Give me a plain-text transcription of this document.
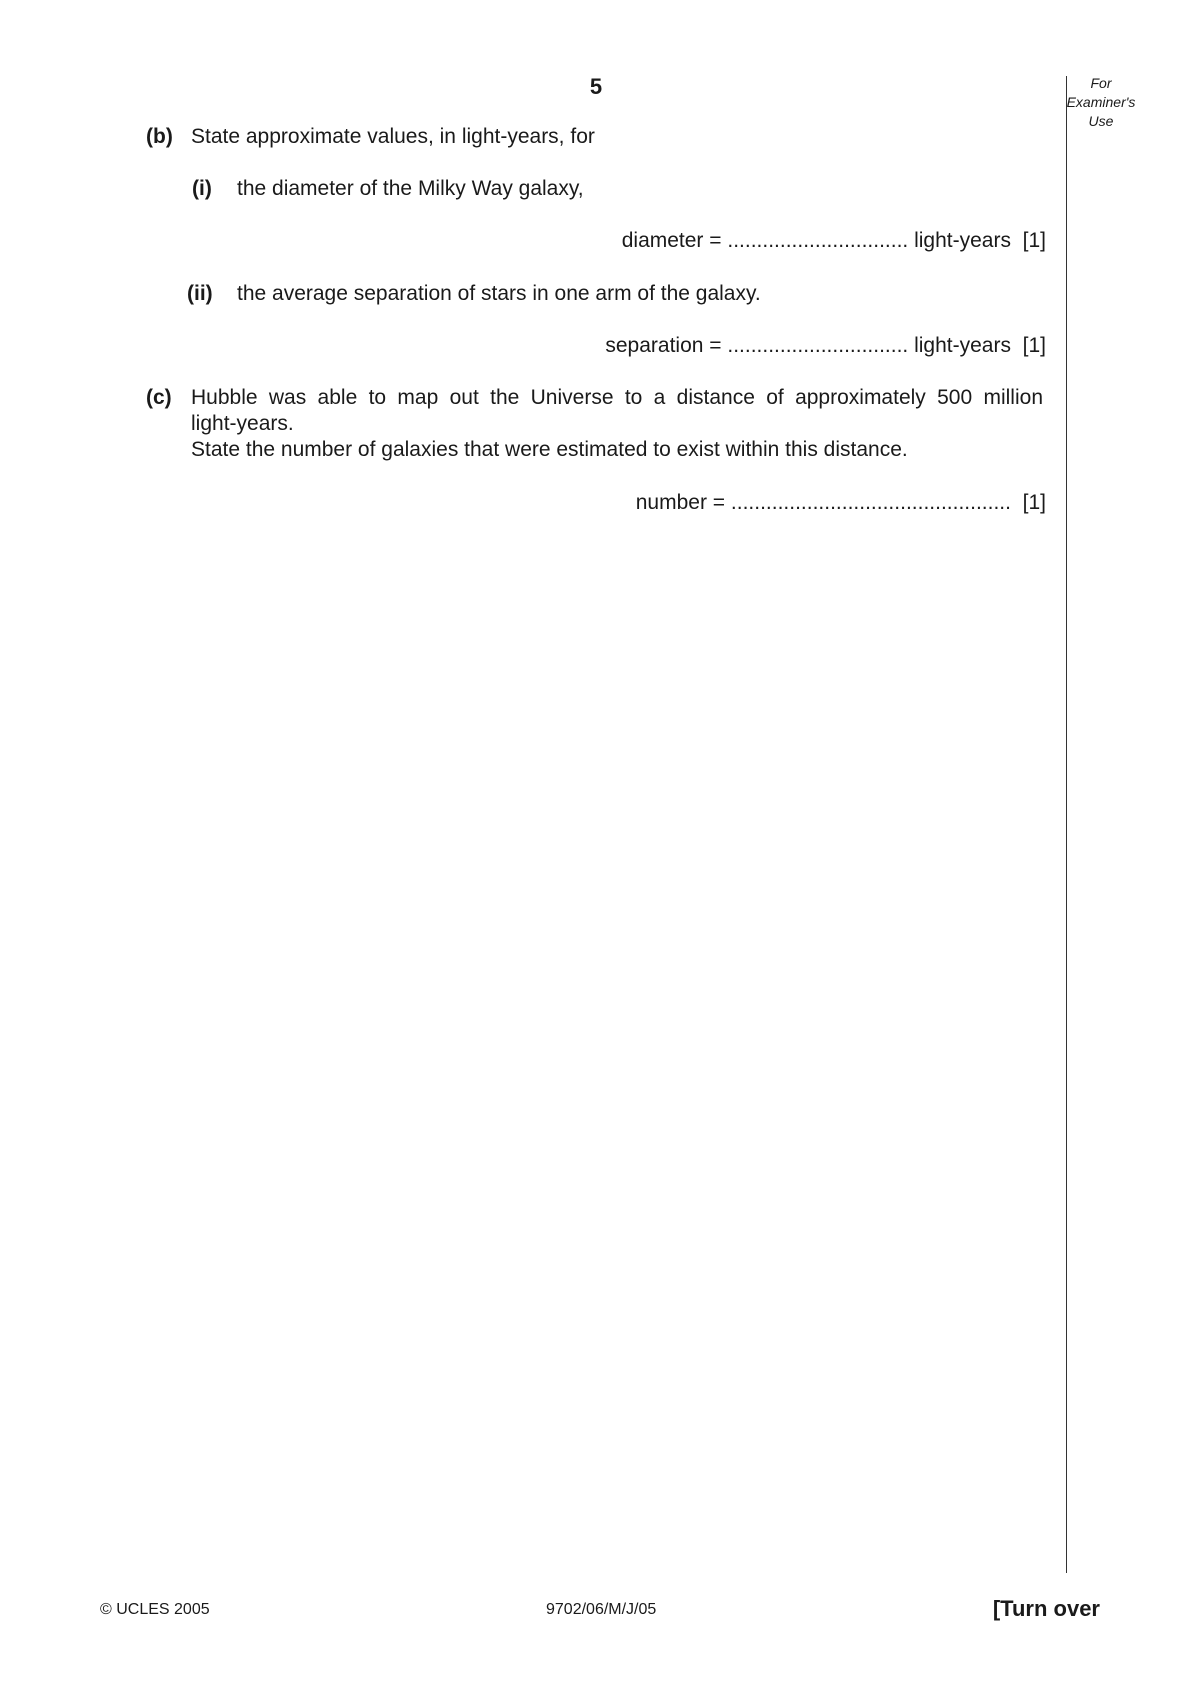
5	For
Examiner's
Use
(b) State approximate values, in light-years, for
(i) the diameter of the Milky Way galaxy,
diameter = ............................... light-years [1]
(ii) the average separation of stars in one arm of the galaxy.
separation = ............................... light-years [1]
(c) Hubble was able to map out the Universe to a distance of approximately 500 million
light-years.
State the number of galaxies that were estimated to exist within this distance.
number = ................................................ [1]
© UCLES 2005	9702/06/M/J/05	[Turn over
